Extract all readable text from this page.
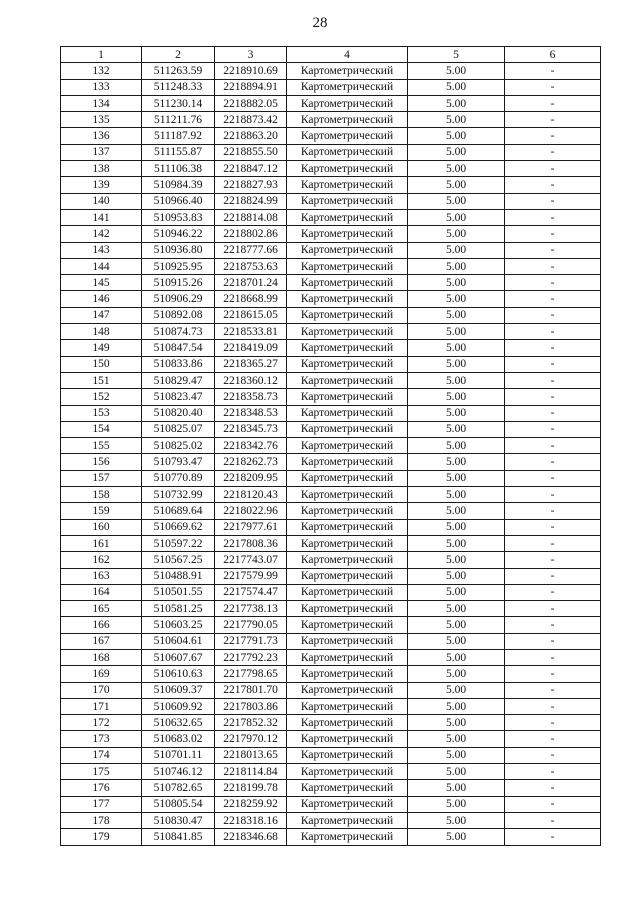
28
1	2	3	4	5	6
132	511263.59	2218910.69	Картометрический	5.00	-
133	511248.33	2218894.91	Картометрический	5.00	-
134	511230.14	2218882.05	Картометрический	5.00	-
135	511211.76	2218873.42	Картометрический	5.00	-
136	511187.92	2218863.20	Картометрический	5.00	-
137	511155.87	2218855.50	Картометрический	5.00	-
138	511106.38	2218847.12	Картометрический	5.00	-
139	510984.39	2218827.93	Картометрический	5.00	-
140	510966.40	2218824.99	Картометрический	5.00	-
141	510953.83	2218814.08	Картометрический	5.00	-
142	510946.22	2218802.86	Картометрический	5.00	-
143	510936.80	2218777.66	Картометрический	5.00	-
144	510925.95	2218753.63	Картометрический	5.00	-
145	510915.26	2218701.24	Картометрический	5.00	-
146	510906.29	2218668.99	Картометрический	5.00	-
147	510892.08	2218615.05	Картометрический	5.00	-
148	510874.73	2218533.81	Картометрический	5.00	-
149	510847.54	2218419.09	Картометрический	5.00	-
150	510833.86	2218365.27	Картометрический	5.00	-
151	510829.47	2218360.12	Картометрический	5.00	-
152	510823.47	2218358.73	Картометрический	5.00	-
153	510820.40	2218348.53	Картометрический	5.00	-
154	510825.07	2218345.73	Картометрический	5.00	-
155	510825.02	2218342.76	Картометрический	5.00	-
156	510793.47	2218262.73	Картометрический	5.00	-
157	510770.89	2218209.95	Картометрический	5.00	-
158	510732.99	2218120.43	Картометрический	5.00	-
159	510689.64	2218022.96	Картометрический	5.00	-
160	510669.62	2217977.61	Картометрический	5.00	-
161	510597.22	2217808.36	Картометрический	5.00	-
162	510567.25	2217743.07	Картометрический	5.00	-
163	510488.91	2217579.99	Картометрический	5.00	-
164	510501.55	2217574.47	Картометрический	5.00	-
165	510581.25	2217738.13	Картометрический	5.00	-
166	510603.25	2217790.05	Картометрический	5.00	-
167	510604.61	2217791.73	Картометрический	5.00	-
168	510607.67	2217792.23	Картометрический	5.00	-
169	510610.63	2217798.65	Картометрический	5.00	-
170	510609.37	2217801.70	Картометрический	5.00	-
171	510609.92	2217803.86	Картометрический	5.00	-
172	510632.65	2217852.32	Картометрический	5.00	-
173	510683.02	2217970.12	Картометрический	5.00	-
174	510701.11	2218013.65	Картометрический	5.00	-
175	510746.12	2218114.84	Картометрический	5.00	-
176	510782.65	2218199.78	Картометрический	5.00	-
177	510805.54	2218259.92	Картометрический	5.00	-
178	510830.47	2218318.16	Картометрический	5.00	-
179	510841.85	2218346.68	Картометрический	5.00	-
